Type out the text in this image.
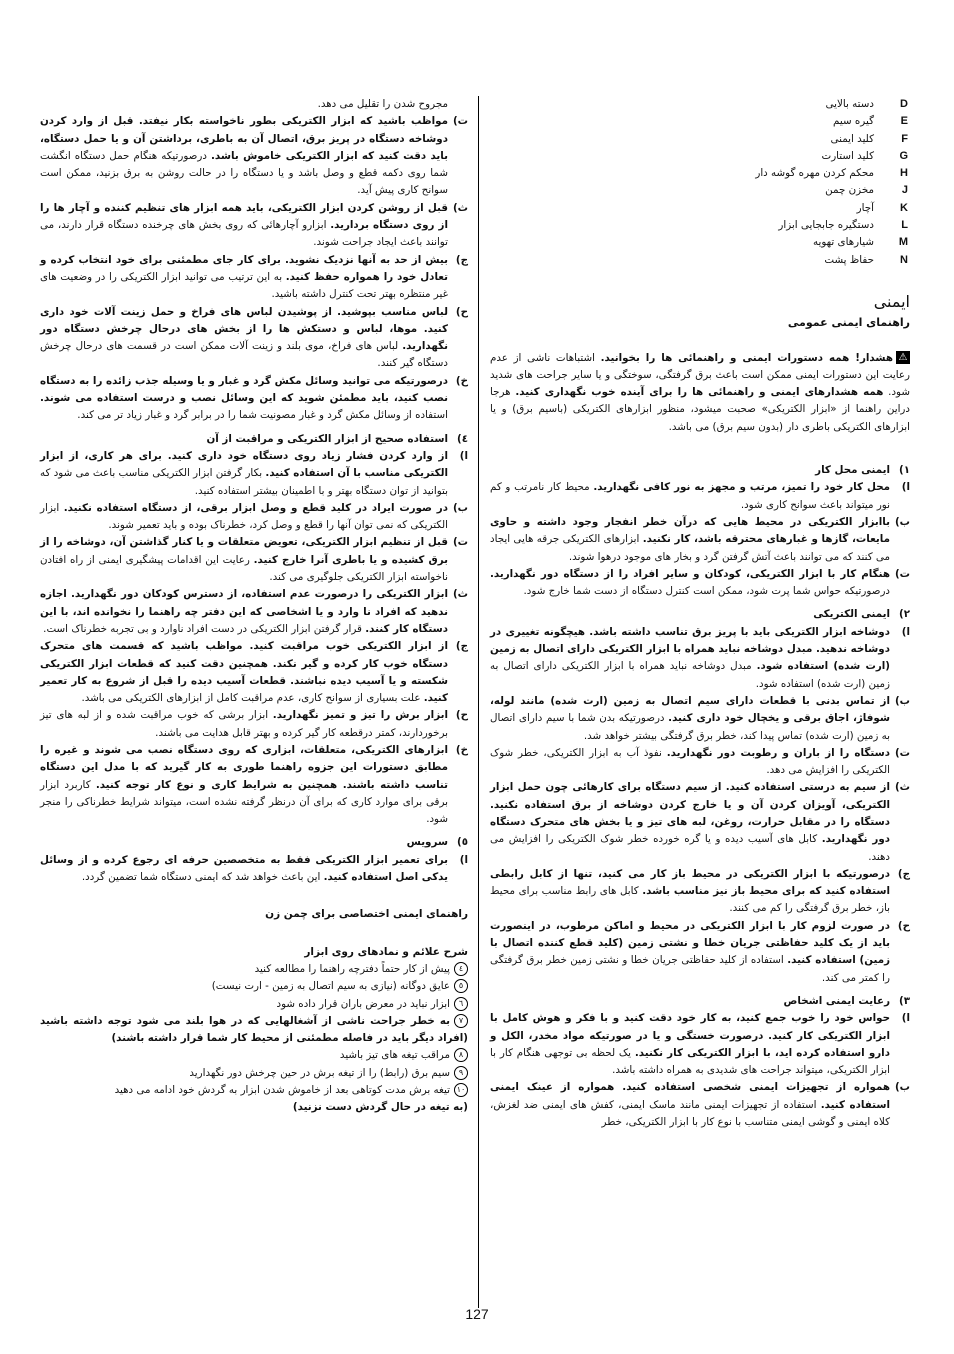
D
دسته بالایی
E
گیره سیم
F
کلید ایمنی
G
کلید استارت
H
محکم کردن مهره گوشه دار
J
مخزن چمن
K
آچار
L
دستگیره جابجایی ابزار
M
شیارهای تهویه
N
حفاظ پشت
ایمنی
راهنمای ایمنی عمومی

⚠هشدار! همه دستورات ایمنی و راهنمائی ها را بخوانید. اشتباهات ناشی از عدم رعایت این دستورات ایمنی ممکن است باعث برق گرفتگی، سوختگی و یا سایر جراحت های شدید شود. همه هشدارهای ایمنی و راهنمائی ها را برای آینده خوب نگهداری کنید. هرجا دراین راهنما از «ابزار الکتریکی» صحبت میشود، منظور ابزارهای الکتریکی (باسیم برق) و یا ابزارهای الکتریکی باطری دار (بدون سیم برق) می باشد.

۱)
ایمنی محل کار
ا)
محل کار خود را تمیز، مرتب و مجهز به نور کافی نگهدارید. محیط کار نامرتب و کم نور میتواند باعث سوانح کاری شود.
ب)
باابزار الکتریکی در محیط هایی که درآن خطر انفجار وجود داشته و حاوی مایعات، گازها و غبارهای محترقه باشد، کار نکنید. ابزارهای الکتریکی جرقه هایی ایجاد می کنند که می توانند باعث آتش گرفتن گرد و بخار های موجود درهوا شوند.
ت)
هنگام کار با ابزار الکتریکی، کودکان و سایر افراد را از دستگاه دور نگهدارید. درصورتیکه حواس شما پرت شود، ممکن است کنترل دستگاه از دست شما خارج شود.
۲)
ایمنی الکتریکی
ا)
دوشاخه ابزار الکتریکی باید با پریز برق تناسب داشته باشد. هیچگونه تغییری در دوشاخه ندهید. مبدل دوشاخه نباید همراه با ابزار الکتریکی دارای اتصال به زمین (ارت شده) استفاده شود. مبدل دوشاخه نباید همراه با ابزار الکتریکی دارای اتصال به زمین (ارت شده) استفاده شود.
ب)
از تماس بدنی با قطعات دارای سیم اتصال به زمین (ارت شده) مانند لوله، شوفاژ، اجاق برقی و یخچال خود داری کنید. درصورتیکه بدن شما با سیم دارای اتصال به زمین (ارت شده) تماس پیدا کند، خطر برق گرفتگی بیشتر خواهد شد.
ت)
دستگاه را از باران و رطوبت دور نگهدارید. نفوذ آب به ابزار الکتریکی، خطر شوک الکتریکی را افزایش می دهد.
ث)
از سیم به درستی استفاده کنید. از سیم دستگاه برای کارهائی چون حمل ابزار الکتریکی، آویزان کردن آن و یا خارج کردن دوشاخه از برق استفاده نکنید. دستگاه را در مقابل حرارت، روغن، لبه های تیز و یا بخش های متحرک دستگاه دور نگهدارید. کابل های آسیب دیده و یا گره خورده خطر شوک الکتریکی را افزایش می دهند.
ج)
درصورتیکه با ابزار الکتریکی در محیط باز کار می کنید، تنها از کابل رابطی استفاده کنید که برای محیط باز نیز مناسب باشد. کابل های رابط مناسب برای محیط باز، خطر برق گرفتگی را کم می کنند.
ح)
در صورت لزوم کار با ابزار الکتریکی در محیط و اماکن مرطوب، در اینصورت باید از یک کلید حفاظتی جریان خطا و نشتی زمین (کلید قطع کننده اتصال با زمین) استفاده کنید. استفاده از کلید حفاظتی جریان خطا و نشتی زمین خطر برق گرفتگی را کمتر می کند.
۳)
رعایت ایمنی اشخاص
ا)
حواس خود را خوب جمع کنید، به کار خود دقت کنید و با فکر و هوش کامل با ابزار الکتریکی کار کنید. درصورت خستگی و یا در صورتیکه مواد مخدر، الکل و دارو استفاده کرده اید، با ابزار الکتریکی کار نکنید. یک لحظه بی توجهی هنگام کار با ابزار الکتریکی، میتواند جراحت های شدیدی به همراه داشته باشد.
ب)
همواره از تجهیزات ایمنی شخصی استفاده کنید. همواره از عینک ایمنی استفاده کنید. استفاده از تجهیزات ایمنی مانند ماسک ایمنی، کفش های ایمنی ضد لغزش، کلاه ایمنی و گوشی ایمنی متناسب با نوع کار با ابزار الکتریکی، خطر
مجروح شدن را تقلیل می دهد.
ت)
مواظب باشید که ابزار الکتریکی بطور ناخواسته بکار نیفتد. قبل از وارد کردن دوشاخه دستگاه در پریز برق، اتصال آن به باطری، برداشتن آن و یا حمل دستگاه، باید دقت کنید که ابزار الکتریکی خاموش باشد. درصورتیکه هنگام حمل دستگاه انگشت شما روی دکمه قطع و وصل باشد و یا دستگاه را در حالت روشن به برق بزنید، ممکن است سوانح کاری پیش آید.
ث)
قبل از روشن کردن ابزار الکتریکی، باید همه ابزار های تنظیم کننده و آچار ها را از روی دستگاه بردارید. ابزارو آچارهائی که روی بخش های چرخنده دستگاه قرار دارند، می توانند باعث ایجاد جراحت شوند.
ج)
بیش از حد به آنها نزدیک نشوید. برای کار جای مطمئنی برای خود انتخاب کرده و تعادل خود را همواره حفظ کنید. به این ترتیب می توانید ابزار الکتریکی را در وضعیت های غیر منتظره بهتر تحت کنترل داشته باشید.
ح)
لباس مناسب بپوشید. از پوشیدن لباس های فراخ و حمل زینت آلات خود داری کنید. موها، لباس و دستکش ها را از بخش های درحال چرخش دستگاه دور نگهدارید. لباس های فراخ، موی بلند و زینت آلات ممکن است در قسمت های درحال چرخش دستگاه گیر کنند.
خ)
درصورتیکه می توانید وسائل مکش گرد و غبار و یا وسیله جذب زائده را به دستگاه نصب کنید، باید مطمئن شوید که این وسائل نصب و درست استفاده می شوند. استفاده از وسائل مکش گرد و غبار مصونیت شما را در برابر گرد و غبار زیاد تر می کند.
٤)
استفاده صحیح از ابزار الکتریکی و مراقبت از آن
ا)
از وارد کردن فشار زیاد روی دستگاه خود داری کنید. برای هر کاری، از ابزار الکتریکی مناسب با آن استفاده کنید. بکار گرفتن ابزار الکتریکی مناسب باعث می شود که بتوانید از توان دستگاه بهتر و با اطمینان بیشتر استفاده کنید.
ب)
در صورت ایراد در کلید قطع و وصل ابزار برقی، از دستگاه استفاده نکنید. ابزار الکتریکی که نمی توان آنها را قطع و وصل کرد، خطرناک بوده و باید تعمیر شوند.
ت)
قبل از تنظیم ابزار الکتریکی، تعویض متعلقات و یا کنار گذاشتن آن، دوشاخه را از برق کشیده و یا باطری آنرا خارج کنید. رعایت این اقدامات پیشگیری ایمنی از راه افتادن ناخواسته ابزار الکتریکی جلوگیری می کند.
ث)
ابزار الکتریکی را درصورت عدم استفاده، از دسترس کودکان دور نگهدارید. اجازه ندهید که افراد نا وارد و یا اشخاصی که این دفتر چه راهنما را نخوانده اند، با این دستگاه کار کنند. قرار گرفتن ابزار الکتریکی در دست افراد ناوارد و بی تجربه خطرناک است.
ج)
از ابزار الکتریکی خوب مراقبت کنید. مواظب باشید که قسمت های متحرک دستگاه خوب کار کرده و گیر نکند. همچنین دقت کنید که قطعات ابزار الکتریکی شکسته و یا آسیب دیده نباشند. قطعات آسیب دیده را قبل از شروع به کار تعمیر کنید. علت بسیاری از سوانح کاری، عدم مراقبت کامل از ابزارهای الکتریکی می باشد.
ح)
ابزار برش را تیز و تمیز نگهدارید. ابزار برشی که خوب مراقبت شده و از لبه های تیز برخوردارند، کمتر درقطعه کار گیر کرده و بهتر قابل هدایت می باشند.
خ)
ابزارهای الکتریکی، متعلقات، ابزاری که روی دستگاه نصب می شوند و غیره را مطابق دستورات این جزوه راهنما طوری به کار گیرید که با مدل این دستگاه تناسب داشته باشند. همچنین به شرایط کاری و نوع کار توجه کنید. کاربرد ابزار برقی برای موارد کاری که برای آن درنظر گرفته نشده است، میتواند شرایط خطرناکی را منجر شود.
٥)
سرویس
ا)
برای تعمیر ابزار الکتریکی فقط به متخصصین حرفه ای رجوع کرده و از وسائل یدکی اصل استفاده کنید. این باعث خواهد شد که ایمنی دستگاه شما تضمین گردد.
راهنمای ایمنی اختصاصی برای چمن زن
شرح علائم و نمادهای روی ابزار
٤پیش از کار حتماً دفترچه راهنما را مطالعه کنید
٥عایق دوگانه (نیازی به سیم اتصال به زمین - ارت نیست)
٦ابزار نباید در معرض باران قرار داده شود
٧به خطر جراحت ناشی از آشغالهایی که در هوا بلند می شود توجه داشته باشید (افراد دیگر باید در فاصله مطمئنی از محیط کار شما قرار داشته باشند)
٨مراقب تیغه های تیز باشید
٩سیم برق (رابط) را از تیغه برش در حین چرخش دور نگهدارید
١٠تیغه برش مدت کوتاهی بعد از خاموش شدن ابزار به گردش خود ادامه می دهید
(به تیغه در حال گردش دست نزنید)
127
